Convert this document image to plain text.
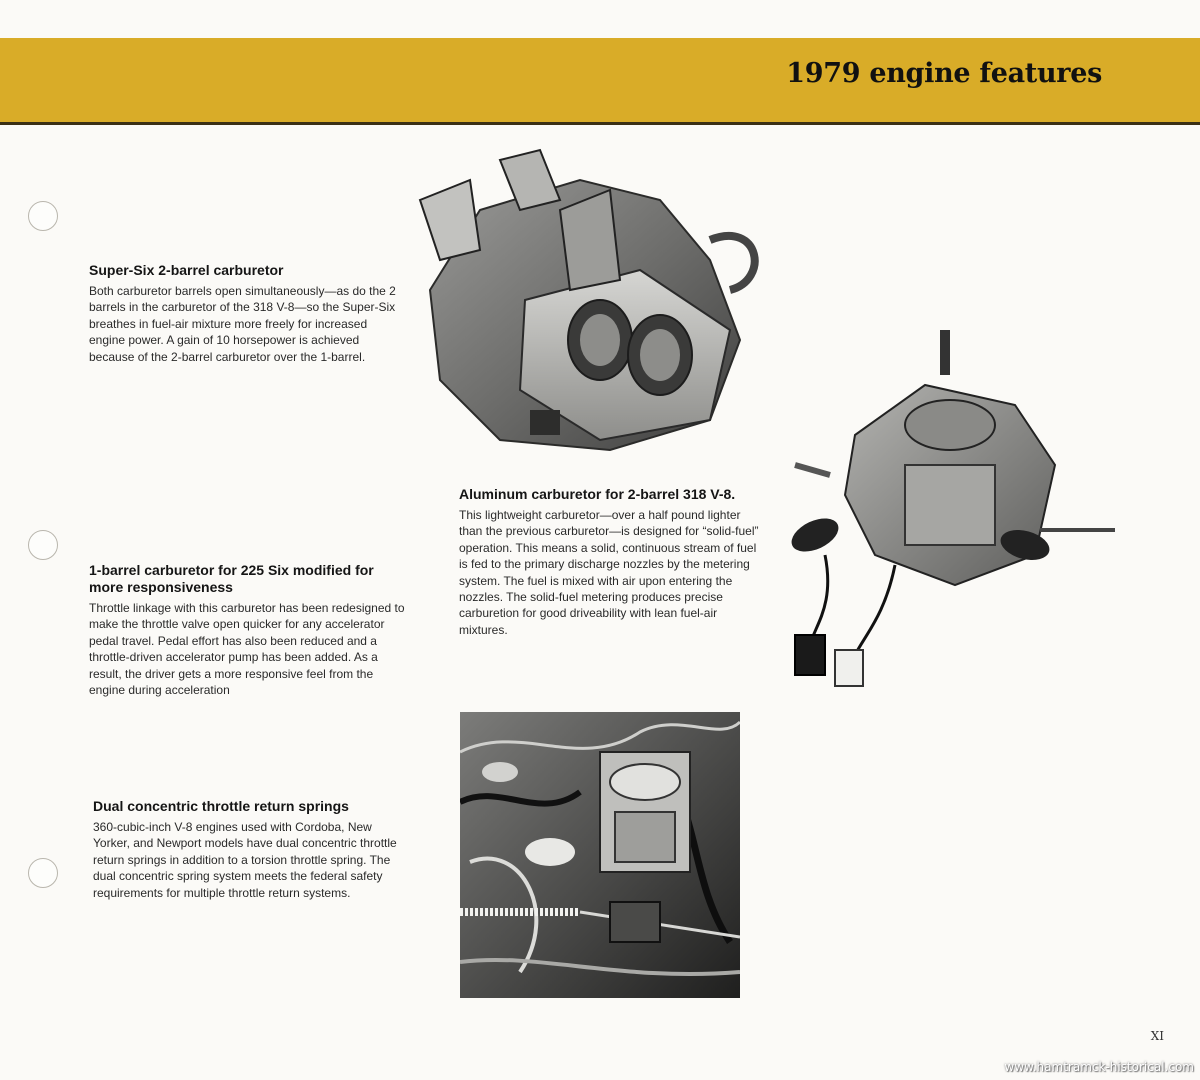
1979 engine features
Super-Six 2-barrel carburetor

Both carburetor barrels open simultaneously—as do the 2 barrels in the carburetor of the 318 V-8—so the Super-Six breathes in fuel-air mixture more freely for increased engine power. A gain of 10 horsepower is achieved because of the 2-barrel carburetor over the 1-barrel.

Aluminum carburetor for 2-barrel 318 V-8.

This lightweight carburetor—over a half pound lighter than the previous carburetor—is designed for “solid-fuel” operation. This means a solid, continuous stream of fuel is fed to the primary discharge nozzles by the metering system. The fuel is mixed with air upon entering the nozzles. The solid-fuel metering produces precise carburetion for good driveability with lean fuel-air mixtures.

1-barrel carburetor for 225 Six modified for more responsiveness

Throttle linkage with this carburetor has been redesigned to make the throttle valve open quicker for any accelerator pedal travel. Pedal effort has also been reduced and a throttle-driven accelerator pump has been added. As a result, the driver gets a more responsive feel from the engine during acceleration

Dual concentric throttle return springs

360-cubic-inch V-8 engines used with Cordoba, New Yorker, and Newport models have dual concentric throttle return springs in addition to a torsion throttle spring. The dual concentric spring system meets the federal safety requirements for multiple throttle return systems.

XI
www.hamtramck-historical.com
